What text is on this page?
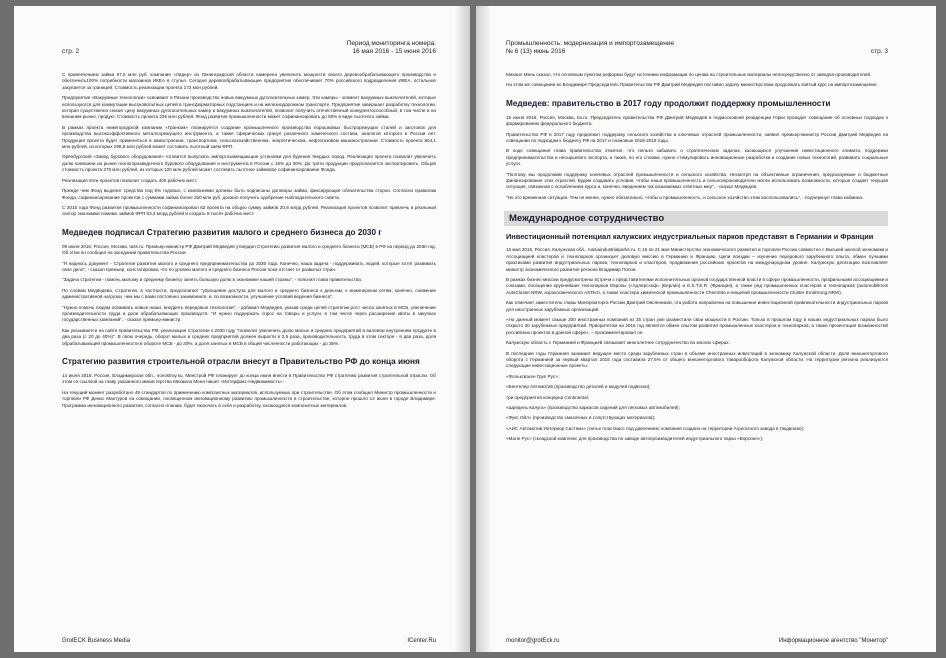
стр. 2
Период мониторинга номера:
16 мая 2016 - 15 июня 2016

С привлечением займа 67,5 млн руб. компания «Лидер» из Ленинградской области намерена увеличить мощности своего деревообрабатывающего производства и обеспечить100% потребности магазинов ИКЕА в стулья. Сегодня деревообрабатывающее предприятие обеспечивает 70% российского подразделения ИКЕА, остальное закупается за границей. Стоимость реализации проекта 173 млн рублей.

Предприятие «Вакуумные технологии» освоивает в Рязани производство новых вакуумных дугогасительных камер. Эти камеры - элемент вакуумных выключателей, которые используются для коммутации высоковольтных цепей в трансформаторных подстанциях и на железнодорожном транспорте. Предприятие завершает разработку технологии, которая существенно снизит цену вакуумных дугогасительных камер и вакуумных выключателей, позволит получить отечественный конкурентоспособный, в том числе и на внешнем рынке, продукт. Стоимость проекта 235 млн рублей. Фонд развития промышленности может софинансировать до 50% в виде льготного займа.

В рамках проекта нижегородской компании «Гранком» планируется создание промышленного производства порошковых быстрорежущих сталей и заготовок для производства высокоэффективного металлорежущего инструмента, а также сферических гранул различного химического состава, аналогов которого в России нет. Продукция проекта будет применяться в авиастроении, транспортном, сельскохозяйственном, энергетическом, нефтегазовом машиностроении. Стоимость проекта 804,1 млн рублей, из которых 298,8 млн рублей может составить льготный заём ФРП.

Оренбургский «Завод бурового оборудования» готовится выпускать импортозамещающие установки для бурения твердых пород. Реализация проекта позволит увеличить долю компании на рынке геологоразведочного бурового оборудования и инструмента в России с 15% до 30%. До трети продукции предполагается экспортировать. Общая стоимость проекта 279 млн рублей, из которых 120 млн рублей может составить льготное займовое софинансирование Фонда.

Реализация пяти проектов позволит создать 400 рабочих мест.

Прежде чем Фонд выделит средства под 5% годовых, с компаниями должны быть подписаны договоры займа, фиксирующие обязательства сторон. Согласно правилам Фонда, софинансирование проектов с суммами займа более 250 млн руб. должно получить одобрение Наблюдательного совета.

С 2015 года Фонд развития промышленности софинансировал 62 проекта на общую сумму займов 20,8 млрд рублей. Реализация проектов позволит привлечь в реальный сектор экономики помимо займов ФРП 63,3 млрд рублей и создать 8 тысяч рабочих мест.

Медведев подписал Стратегию развития малого и среднего бизнеса до 2030 г

09 июня 2016, Россия, Москва, tass.ru. Премьер-министр РФ Дмитрий Медведев утвердил Стратегию развития малого и среднего бизнеса (МСБ) в РФ на период до 2030 год. Об этом он сообщил на заседании правительства России.

"Я надеюсь документ - Стратегия развития малого и среднего предпринимательства до 2030 года. Конечно, наша задача - поддерживать людей, которые хотят развивать свое дело", - сказал премьер, констатировав, что по уровню малого и среднего бизнеса Россия пока отстает от развитых стран.

"Задача стратегии - помочь малому и среднему бизнесу занять большую долю в экономике нашей страны", - пояснил глава правительства.

По словам Медведева, Стратегия, в частности, предполагает "упрощение доступа для малого и среднего бизнеса к деньгам, к инженерным сетям, конечно, снижение административной нагрузки, чем мы с вами постоянно занимаемся, и, по возможности, улучшение условий ведения бизнеса".

"Нужно помочь людям осваивать новые ниши, внедрять передовые технологии", - добавил Медведев, указав среди целей стратегии рост числа занятых в МСБ, увеличение производительности труда и доли обрабатывающих производств. "И нужно поддержать спрос на товары и услуги, в том числе через расширение квоты в закупках государственных компаний", - сказал премьер-министр.

Как указывается на сайте правительства РФ, реализация Стратегии к 2030 году "позволит увеличить долю малых и средних предприятий в валовом внутреннем продукте в два раза (с 20 до 40%)". В свою очередь, оборот малых и средних предприятий должен вырасти в 2,5 раза, производительность труда в этом секторе - в два раза, доля обрабатывающей промышленности в обороте МСБ - до 20%, а доля занятых в МСБ в общей численности работающих - до 35%.

Стратегию развития строительной отрасли внесут в Правительство РФ до конца июня

14 июня 2016, Россия, Владимирская обл., novostroy.su. Минстрой РФ планирует до конца июня внести в Правительство РФ стратегию развития строительной отрасли. Об этом со ссылкой на главу указанного министерства Михаила Меня пишет «Интерфакс-Недвижимость».

На текущий момент разработано 49 стандартов по применению композитных материалов, используемых при строительстве. Об этом сообщил Министр промышленности и торговли РФ Денис Мантуров на совещании, посвященном инновационному развитию промышленности в строительстве, которое прошло 14 июня в городе Владимире. Программа инновационного развития, согласно планам, будет включать в себя и разработку, касающуюся композитных материалов.

GrotECK Business Media	ICenter.Ru
Промышленность: модернизация и импортозамещение
№ 6 (13) июнь 2016	стр. 3

Михаил Мень сказал, что основным пунктом реформы будут источники информации по ценам на строительные материалы непосредственно от заводов-производителей.

На этом же совещании во Владимире Председатель Правительства РФ Дмитрий Медведев поставил задачу министерствам продолжать взятый курс на импортозамещение.

Медведев: правительство в 2017 году продолжит поддержку промышленности

15 июня 2016, Россия, Москва, ria.ru. Председатель правительства РФ Дмитрий Медведев в подмосковной резиденции Горки проводит совещание об основных подходах к формированию федерального бюджета.

Правительство РФ в 2017 году продолжит поддержку сельского хозяйства и ключевых отраслей промышленности, заявил премьер-министр России Дмитрий Медведев на совещании по подходам к бюджету РФ на 2017 и плановые 2018-2019 годы.

В ходе совещания глава правительства отметил, что нельзя забывать о стратегических задачах, касающихся улучшения инвестиционного климата, поддержки предпринимательства и несырьевого экспорта, а также, по его словам, нужно стимулировать инновационные разработки и создание новых технологий, развивать социальные услуги.

"Поэтому мы продолжим поддержку ключевых отраслей промышленности и сельского хозяйства. Несмотря на объективные ограничения, предсказуемые и бюджетные финансирование этих отраслей. Будем создавать условия, чтобы наша промышленность и сельхозпроизводители могли использовать возможности, которые создает текущая ситуация, связанная с ослаблением курса и, конечно, введением так называемых ответных мер", - сказал Медведев.

"Но это временная ситуация. Тем не менее, нужно обязательно, чтобы и промышленность, и сельское хозяйство этим воспользовались", - подчеркнул глава кабмина.

Международное сотрудничество
Инвестиционный потенциал калужских индустриальных парков представят в Германии и Франции

16 мая 2016, Россия, Калужская обл., russiaindustrialparks.ru. С 16 по 21 мая Министерство экономического развития и торговли России совместно с Высшей школой экономики и Ассоциацией кластеров и технопарков организует деловую миссию в Германию и Францию. Цели поездки – изучение передового зарубежного опыта, обмен лучшими практиками развития индустриальных парков, технопарков и кластеров, продвижение российских проектов на международном уровне. Калужскую делегацию возглавляет министр экономического развития региона Владимир Попов.

В рамках бизнес-миссии предусмотрены встречи с представителями исполнительных органов государственной власти в сфере промышленности, профильными ассоциациями и союзами, посещение крупнейших технопарков Европы («Адлерсхоф» (Берлин) и E.S.T.E.R. (Франция), а также ряд промышленных кластеров и технопарков (automobilkreis AutoCluster.NRW, аэрокосмического ASTech, а также кластера химической промышленности ChemSite и пищевой промышленности Cluster Ernährung.NRW).

Как отмечает заместитель главы Минпромторга России Дмитрий Овсянников, эта работа направлена на повышение инвестиционной привлекательности индустриальных парков для иностранных зарубежных организаций.

«На данный момент свыше 200 иностранных компаний из 25 стран уже разместили свои мощности в России. Только в прошлом году в наших индустриальных парках было открыто 30 зарубежных предприятий. Приоритетом на 2016 год является обмен опытом развития промышленных кластеров и технопарков, а также презентация возможностей российских проектов в данной сфере», – прокомментировал он.

Калужскую область с Германией и Францией связывает многолетнее сотрудничество во многих сферах.

В последние годы Германия занимает ведущее место среди зарубежных стран в объеме иностранных инвестиций в экономику Калужской области. Доля внешнеторгового оборота с Германией за первый квартал 2016 года составила 27,5% от общего внешнеторгового товарооборота Калужской области. На территории региона реализуются следующие инвестиционные проекты:

«Фольксваген Груп Рус»;

«Бентелер Автомотив (производство деталей и модулей подвески);

три предприятия концерна Continental;

«Шредель Калуга» (производство каркасов сидений для легковых автомобилей);

«Фукс Ойл» (производство смазочных и сопутствующих материалов);

«АИС Автомотив Интериор Системз» (литье пластмасс под давлением; компания создана на территории Агрегатного завода в Людиново);

«Мале Рус» (складской комплекс для производства по заводе автопроизводителей индустриального парка «Ворсино»);

monitor@grotEck.ru	Информационное агентство "Монитор"
